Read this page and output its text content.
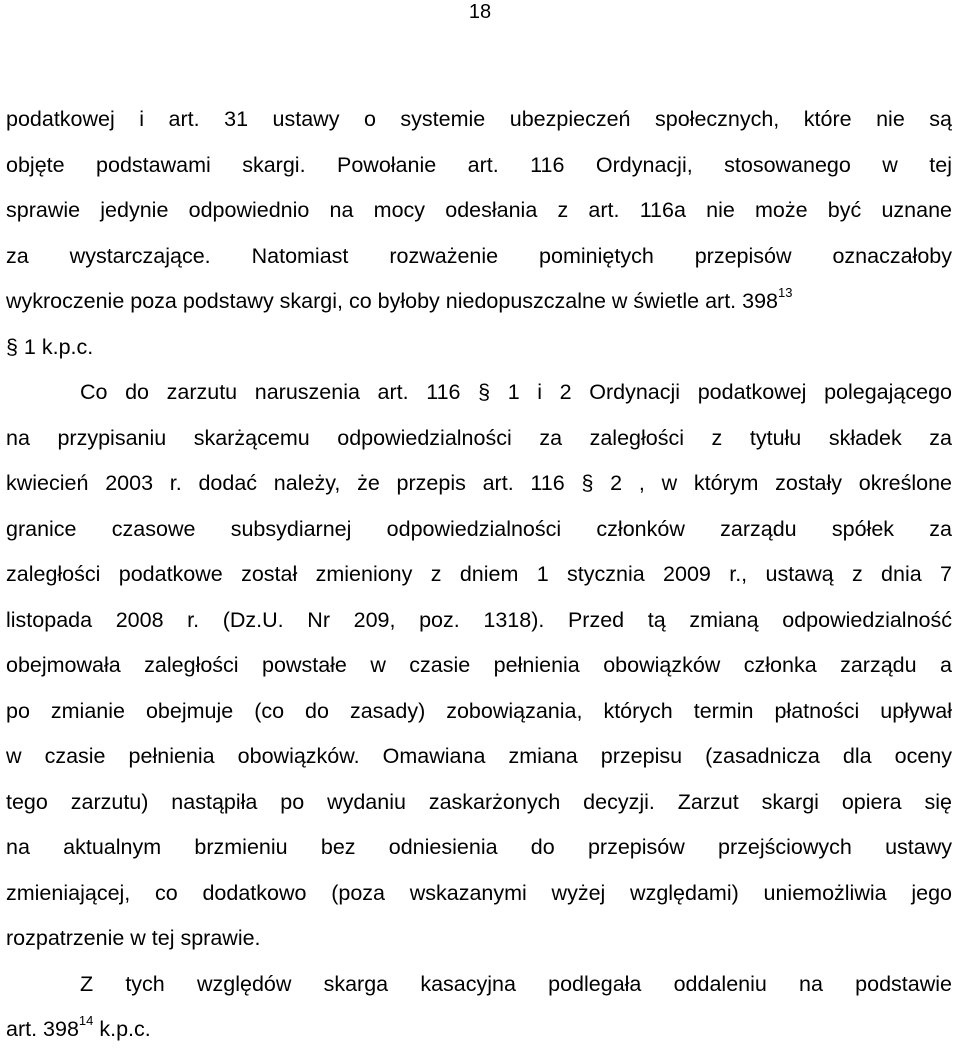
18
podatkowej i art. 31 ustawy o systemie ubezpieczeń społecznych, które nie są
objęte podstawami skargi. Powołanie art. 116 Ordynacji, stosowanego w tej
sprawie jedynie odpowiednio na mocy odesłania z art. 116a nie może być uznane
za wystarczające. Natomiast rozważenie pominiętych przepisów oznaczałoby
wykroczenie poza podstawy skargi, co byłoby niedopuszczalne w świetle art. $398^{13}$
§ 1 k.p.c.
Co do zarzutu naruszenia art. 116 § 1 i 2 Ordynacji podatkowej polegającego
na przypisaniu skarżącemu odpowiedzialności za zaległości z tytułu składek za
kwiecień 2003 r. dodać należy, że przepis art. 116 § 2 , w którym zostały określone
granice czasowe subsydiarnej odpowiedzialności członków zarządu spółek za
zaległości podatkowe został zmieniony z dniem 1 stycznia 2009 r., ustawą z dnia 7
listopada 2008 r. (Dz.U. Nr 209, poz. 1318). Przed tą zmianą odpowiedzialność
obejmowała zaległości powstałe w czasie pełnienia obowiązków członka zarządu a
po zmianie obejmuje (co do zasady) zobowiązania, których termin płatności upływał
w czasie pełnienia obowiązków. Omawiana zmiana przepisu (zasadnicza dla oceny
tego zarzutu) nastąpiła po wydaniu zaskarżonych decyzji. Zarzut skargi opiera się
na aktualnym brzmieniu bez odniesienia do przepisów przejściowych ustawy
zmieniającej, co dodatkowo (poza wskazanymi wyżej względami) uniemożliwia jego
rozpatrzenie w tej sprawie.
Z tych względów skarga kasacyjna podlegała oddaleniu na podstawie
art. $398^{14}$ k.p.c.
